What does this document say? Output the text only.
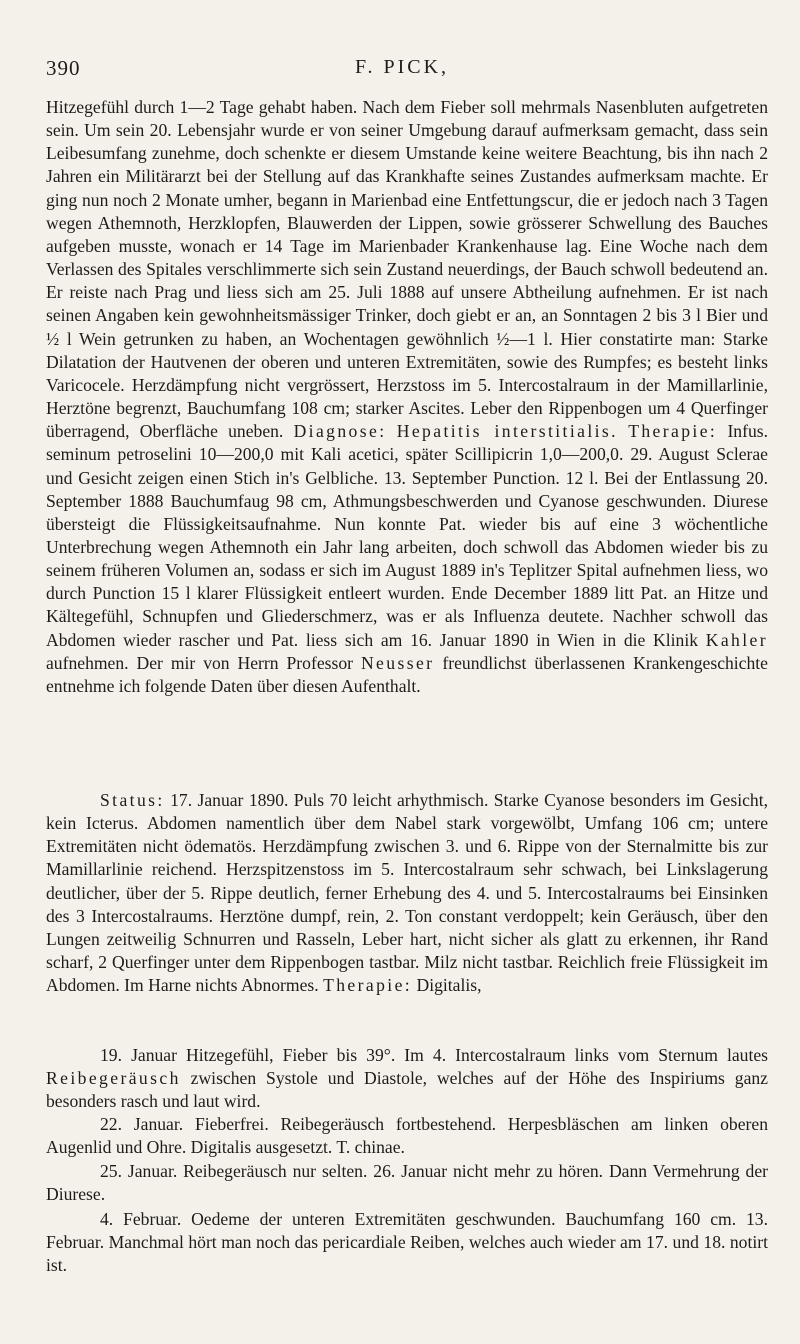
390	F. PICK,

Hitzegefühl durch 1—2 Tage gehabt haben. Nach dem Fieber soll mehrmals Nasenbluten aufgetreten sein. Um sein 20. Lebensjahr wurde er von seiner Umgebung darauf aufmerksam gemacht, dass sein Leibesumfang zunehme, doch schenkte er diesem Umstande keine weitere Beachtung, bis ihn nach 2 Jahren ein Militärarzt bei der Stellung auf das Krankhafte seines Zustandes aufmerksam machte. Er ging nun noch 2 Monate umher, begann in Marienbad eine Entfettungscur, die er jedoch nach 3 Tagen wegen Athemnoth, Herzklopfen, Blauwerden der Lippen, sowie grösserer Schwellung des Bauches aufgeben musste, wonach er 14 Tage im Marienbader Krankenhause lag. Eine Woche nach dem Verlassen des Spitales verschlimmerte sich sein Zustand neuerdings, der Bauch schwoll bedeutend an. Er reiste nach Prag und liess sich am 25. Juli 1888 auf unsere Abtheilung aufnehmen. Er ist nach seinen Angaben kein gewohnheitsmässiger Trinker, doch giebt er an, an Sonntagen 2 bis 3 l Bier und ½ l Wein getrunken zu haben, an Wochentagen gewöhnlich ½—1 l. Hier constatirte man: Starke Dilatation der Hautvenen der oberen und unteren Extremitäten, sowie des Rumpfes; es besteht links Varicocele. Herzdämpfung nicht vergrössert, Herzstoss im 5. Intercostalraum in der Mamillarlinie, Herztöne begrenzt, Bauchumfang 108 cm; starker Ascites. Leber den Rippenbogen um 4 Querfinger überragend, Oberfläche uneben. Diagnose: Hepatitis interstitialis. Therapie: Infus. seminum petroselini 10—200,0 mit Kali acetici, später Scillipicrin 1,0—200,0. 29. August Sclerae und Gesicht zeigen einen Stich in's Gelbliche. 13. September Punction. 12 l. Bei der Entlassung 20. September 1888 Bauchumfaug 98 cm, Athmungsbeschwerden und Cyanose geschwunden. Diurese übersteigt die Flüssigkeitsaufnahme. Nun konnte Pat. wieder bis auf eine 3 wöchentliche Unterbrechung wegen Athemnoth ein Jahr lang arbeiten, doch schwoll das Abdomen wieder bis zu seinem früheren Volumen an, sodass er sich im August 1889 in's Teplitzer Spital aufnehmen liess, wo durch Punction 15 l klarer Flüssigkeit entleert wurden. Ende December 1889 litt Pat. an Hitze und Kältegefühl, Schnupfen und Gliederschmerz, was er als Influenza deutete. Nachher schwoll das Abdomen wieder rascher und Pat. liess sich am 16. Januar 1890 in Wien in die Klinik Kahler aufnehmen. Der mir von Herrn Professor Neusser freundlichst überlassenen Krankengeschichte entnehme ich folgende Daten über diesen Aufenthalt.

Status: 17. Januar 1890. Puls 70 leicht arhythmisch. Starke Cyanose besonders im Gesicht, kein Icterus. Abdomen namentlich über dem Nabel stark vorgewölbt, Umfang 106 cm; untere Extremitäten nicht ödematös. Herzdämpfung zwischen 3. und 6. Rippe von der Sternalmitte bis zur Mamillarlinie reichend. Herzspitzenstoss im 5. Intercostalraum sehr schwach, bei Linkslagerung deutlicher, über der 5. Rippe deutlich, ferner Erhebung des 4. und 5. Intercostalraums bei Einsinken des 3 Intercostalraums. Herztöne dumpf, rein, 2. Ton constant verdoppelt; kein Geräusch, über den Lungen zeitweilig Schnurren und Rasseln, Leber hart, nicht sicher als glatt zu erkennen, ihr Rand scharf, 2 Querfinger unter dem Rippenbogen tastbar. Milz nicht tastbar. Reichlich freie Flüssigkeit im Abdomen. Im Harne nichts Abnormes. Therapie: Digitalis,

19. Januar Hitzegefühl, Fieber bis 39°. Im 4. Intercostalraum links vom Sternum lautes Reibegeräusch zwischen Systole und Diastole, welches auf der Höhe des Inspiriums ganz besonders rasch und laut wird.

22. Januar. Fieberfrei. Reibegeräusch fortbestehend. Herpesbläschen am linken oberen Augenlid und Ohre. Digitalis ausgesetzt. T. chinae.

25. Januar. Reibegeräusch nur selten. 26. Januar nicht mehr zu hören. Dann Vermehrung der Diurese.

4. Februar. Oedeme der unteren Extremitäten geschwunden. Bauchumfang 160 cm. 13. Februar. Manchmal hört man noch das pericardiale Reiben, welches auch wieder am 17. und 18. notirt ist.
